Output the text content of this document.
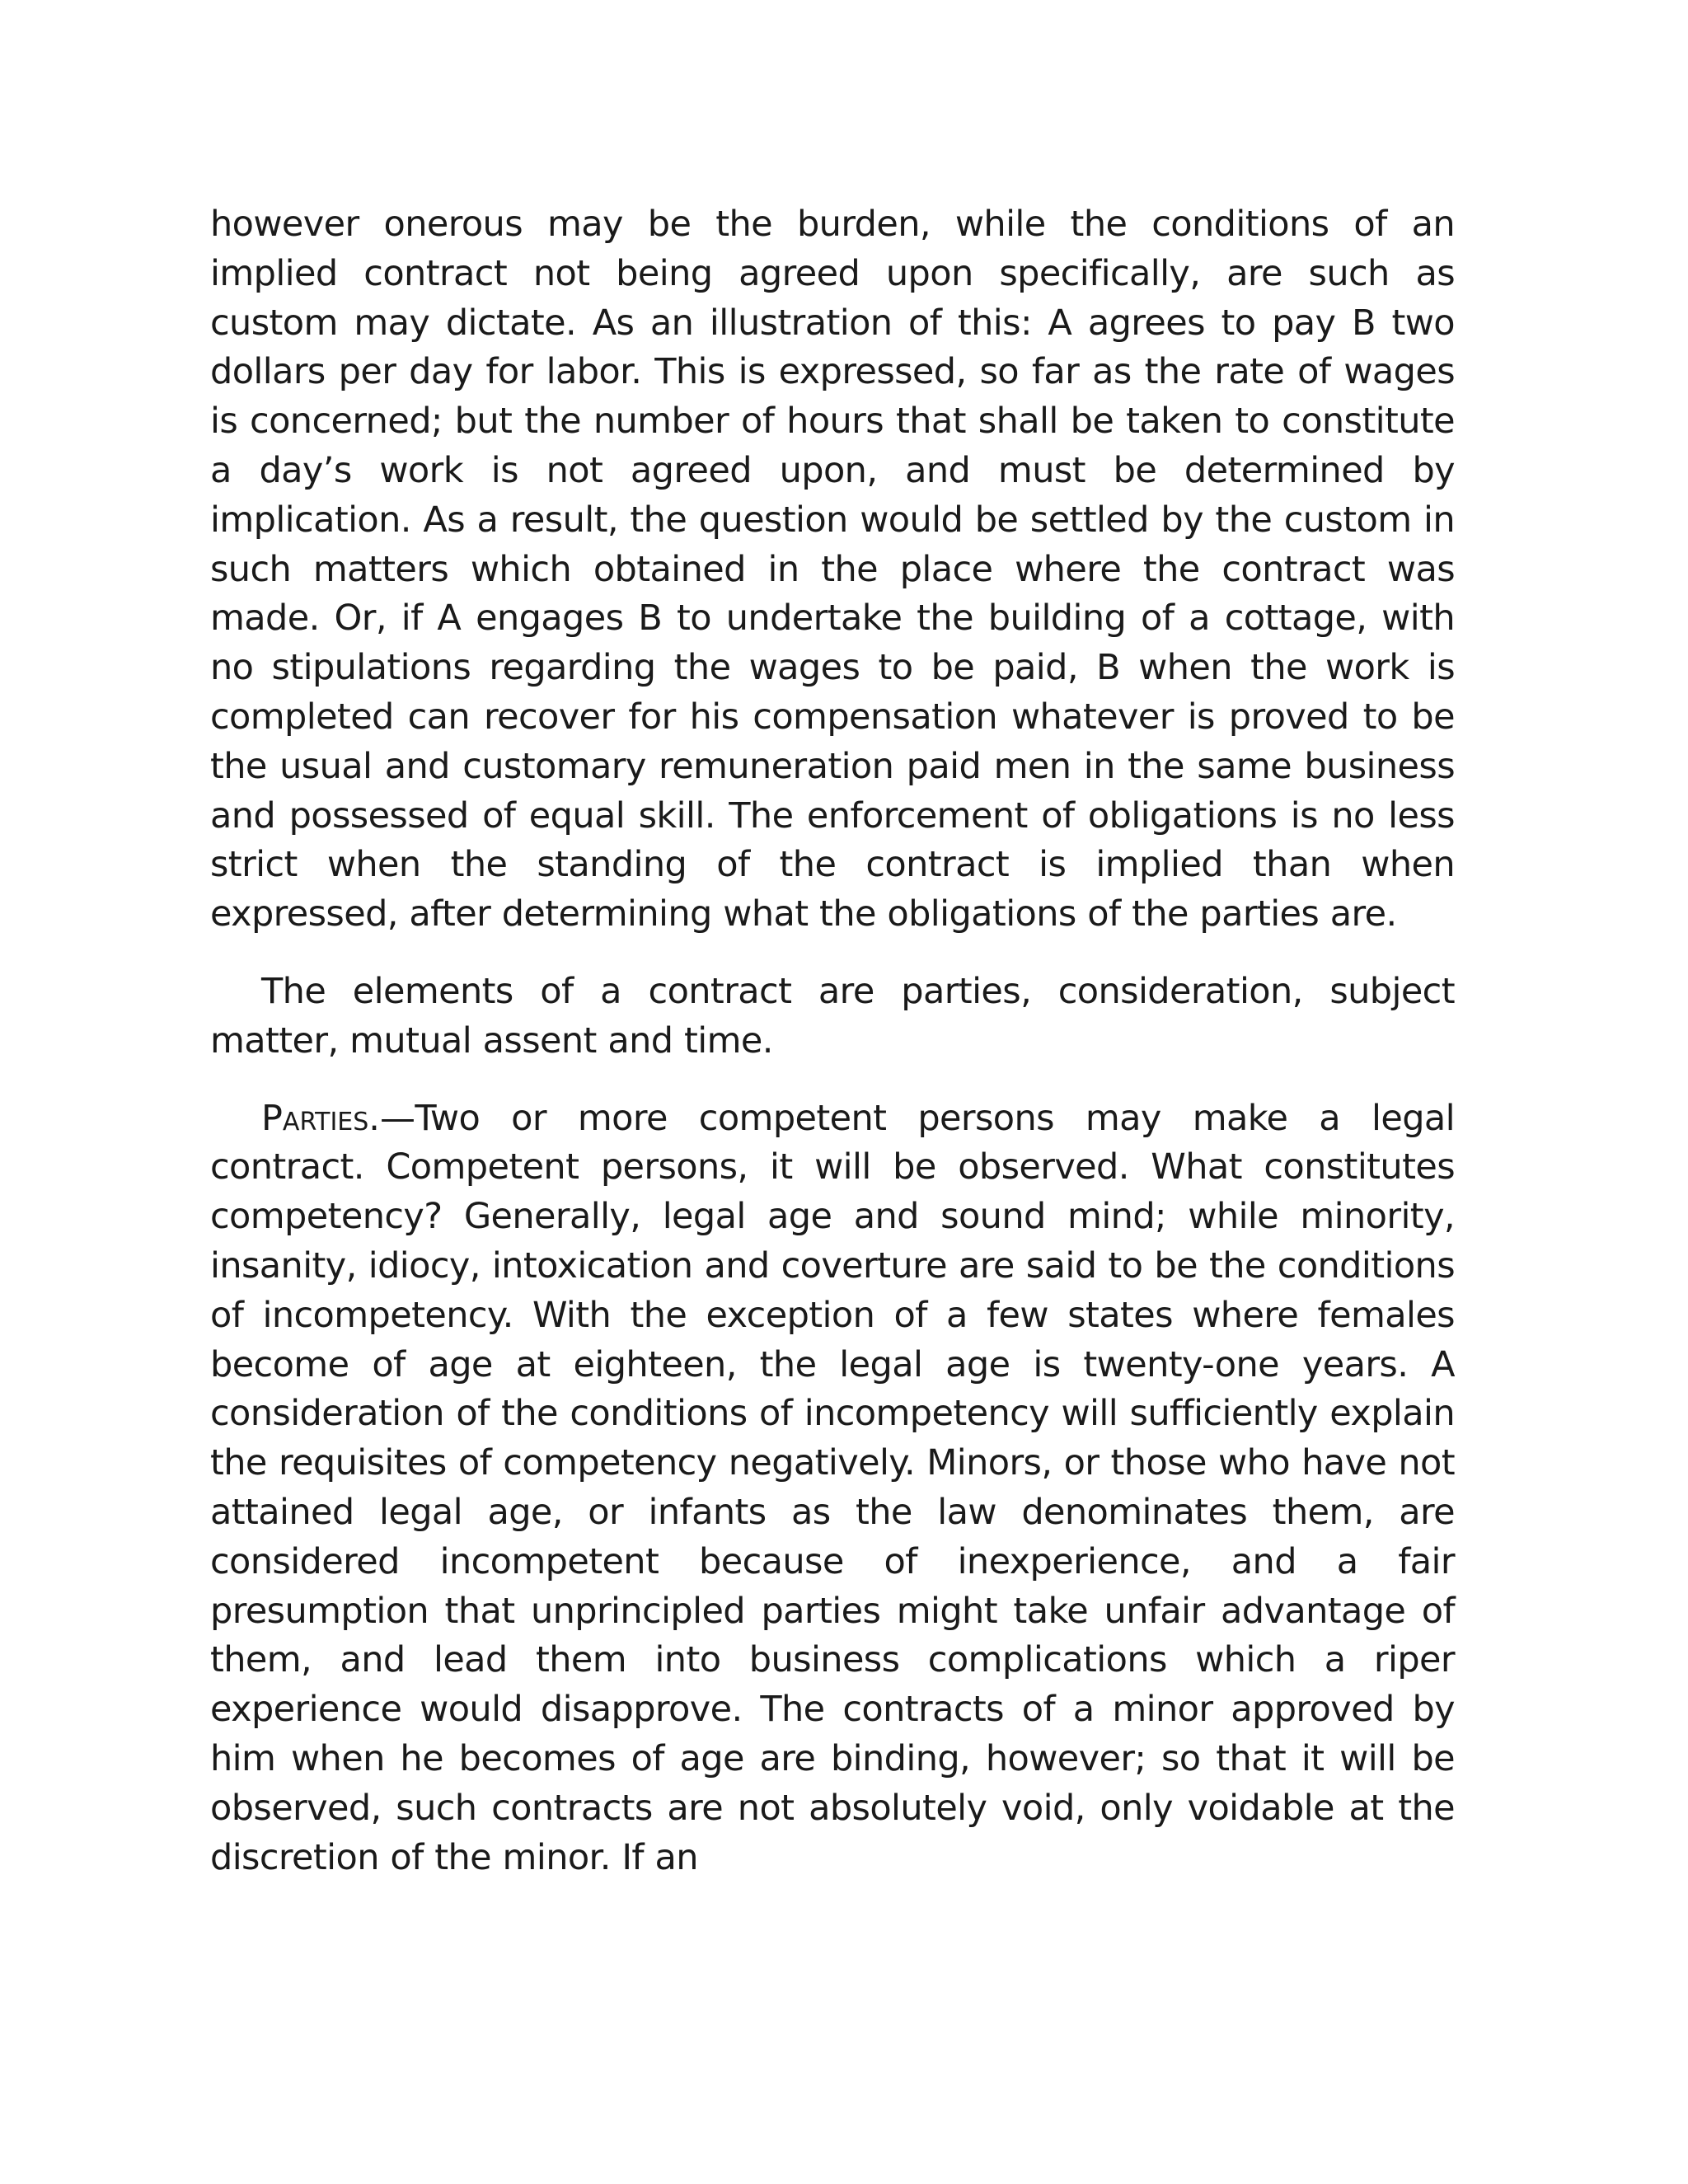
however onerous may be the burden, while the conditions of an implied contract not being agreed upon specifically, are such as custom may dictate. As an illustration of this: A agrees to pay B two dollars per day for labor. This is expressed, so far as the rate of wages is concerned; but the number of hours that shall be taken to constitute a day’s work is not agreed upon, and must be determined by implication. As a result, the question would be settled by the custom in such matters which obtained in the place where the contract was made. Or, if A engages B to undertake the building of a cottage, with no stipulations regarding the wages to be paid, B when the work is completed can recover for his compensation whatever is proved to be the usual and customary remuneration paid men in the same business and possessed of equal skill. The enforcement of obligations is no less strict when the standing of the contract is implied than when expressed, after determining what the obligations of the parties are.

The elements of a contract are parties, consideration, subject matter, mutual assent and time.

Parties.—Two or more competent persons may make a legal contract. Competent persons, it will be observed. What constitutes competency? Generally, legal age and sound mind; while minority, insanity, idiocy, intoxication and coverture are said to be the conditions of incompetency. With the exception of a few states where females become of age at eighteen, the legal age is twenty-one years. A consideration of the conditions of incompetency will sufficiently explain the requisites of competency negatively. Minors, or those who have not attained legal age, or infants as the law denominates them, are considered incompetent because of inexperience, and a fair presumption that unprincipled parties might take unfair advantage of them, and lead them into business complications which a riper experience would disapprove. The contracts of a minor approved by him when he becomes of age are binding, however; so that it will be observed, such contracts are not absolutely void, only voidable at the discretion of the minor. If an
